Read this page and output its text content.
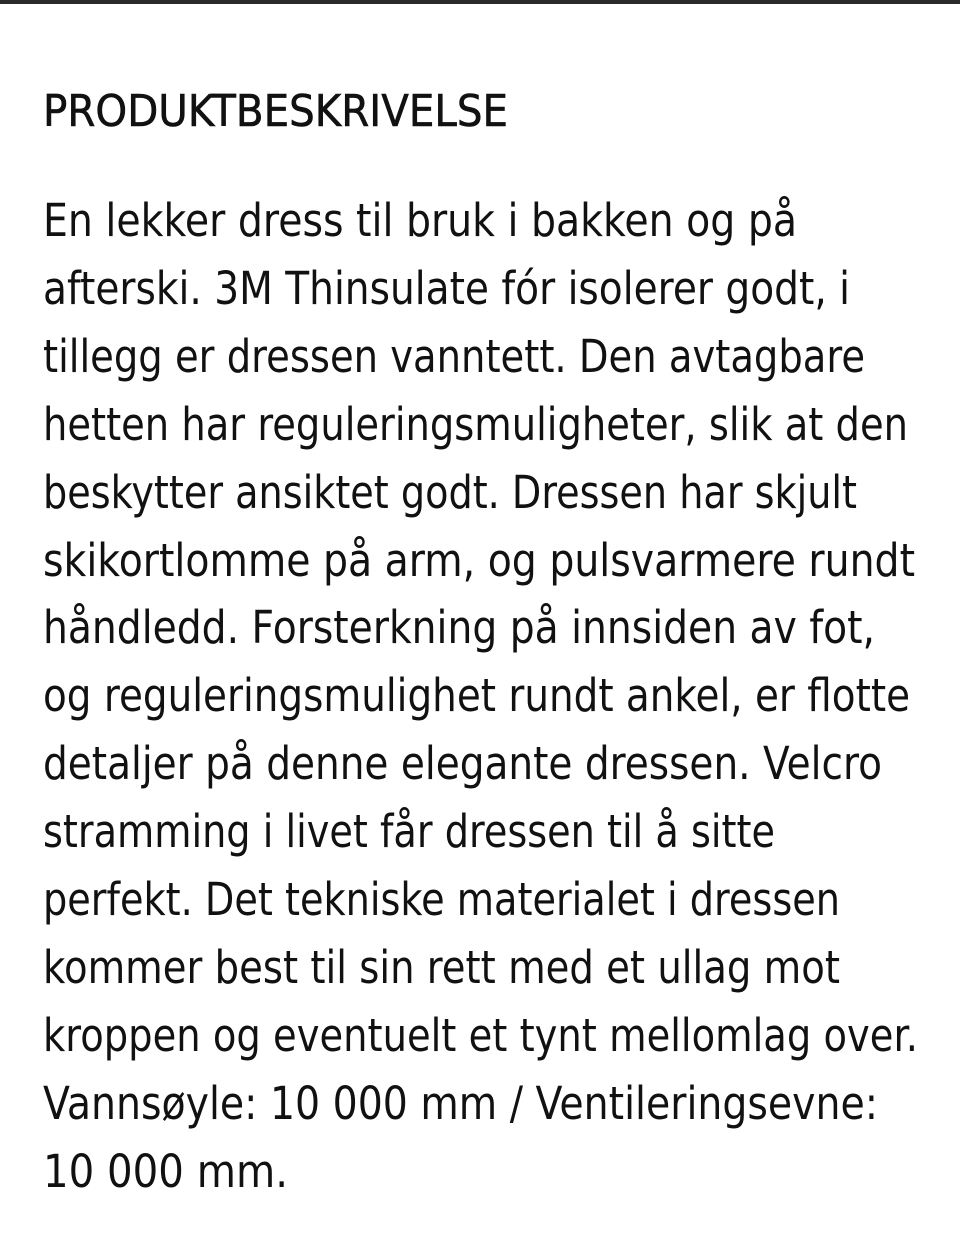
PRODUKTBESKRIVELSE
En lekker dress til bruk i bakken og på
afterski. 3M Thinsulate fór isolerer godt, i
tillegg er dressen vanntett. Den avtagbare
hetten har reguleringsmuligheter, slik at den
beskytter ansiktet godt. Dressen har skjult
skikortlomme på arm, og pulsvarmere rundt
håndledd. Forsterkning på innsiden av fot,
og reguleringsmulighet rundt ankel, er flotte
detaljer på denne elegante dressen. Velcro
stramming i livet får dressen til å sitte
perfekt. Det tekniske materialet i dressen
kommer best til sin rett med et ullag mot
kroppen og eventuelt et tynt mellomlag over.
Vannsøyle: 10 000 mm / Ventileringsevne:
10 000 mm.
